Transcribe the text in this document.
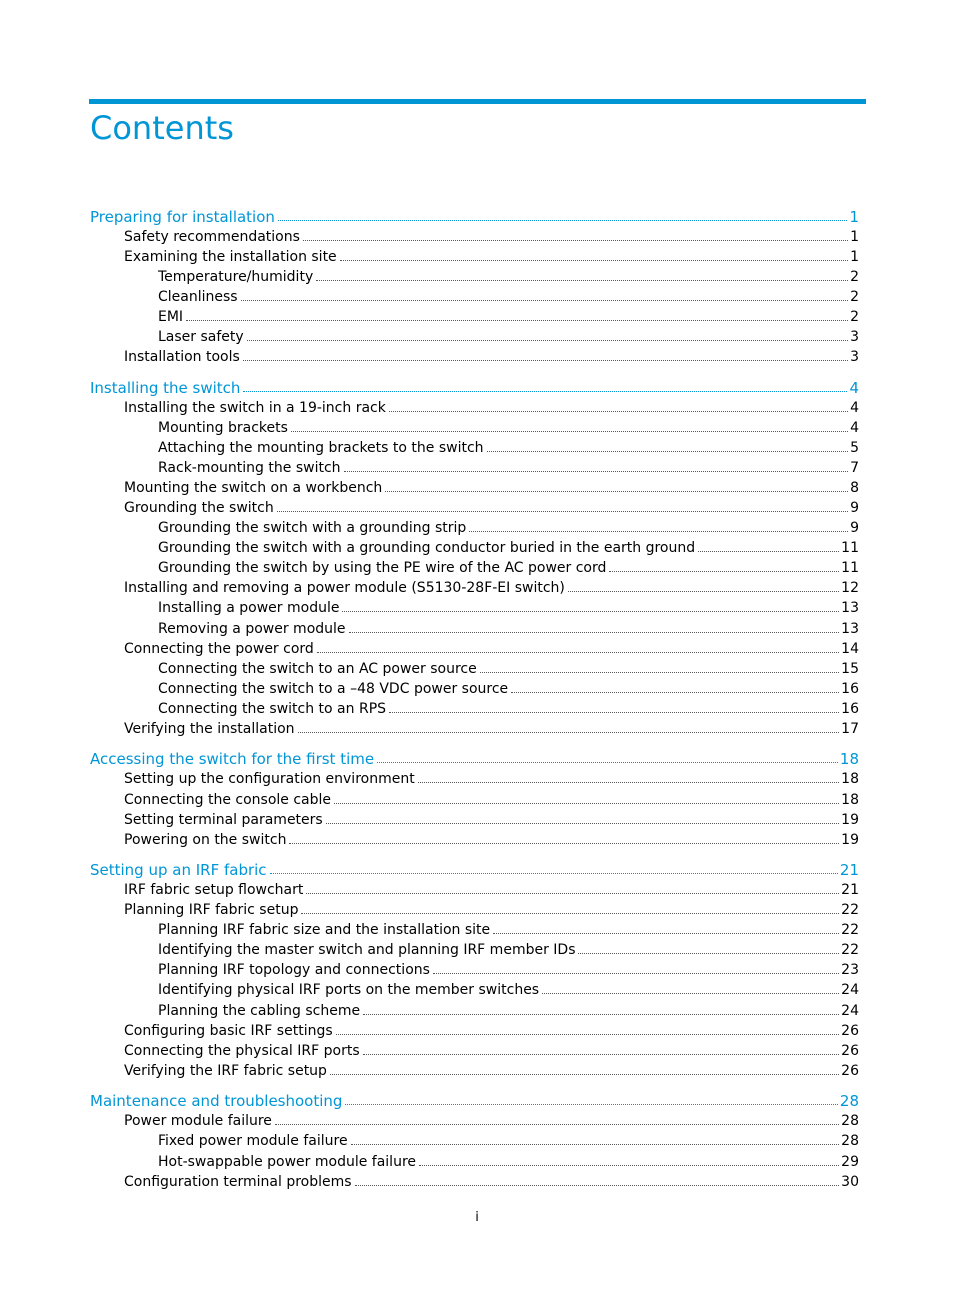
Contents
Preparing for installation	1
Safety recommendations	1
Examining the installation site	1
Temperature/humidity	2
Cleanliness	2
EMI	2
Laser safety	3
Installation tools	3
Installing the switch	4
Installing the switch in a 19-inch rack	4
Mounting brackets	4
Attaching the mounting brackets to the switch	5
Rack-mounting the switch	7
Mounting the switch on a workbench	8
Grounding the switch	9
Grounding the switch with a grounding strip	9
Grounding the switch with a grounding conductor buried in the earth ground	11
Grounding the switch by using the PE wire of the AC power cord	11
Installing and removing a power module (S5130-28F-EI switch)	12
Installing a power module	13
Removing a power module	13
Connecting the power cord	14
Connecting the switch to an AC power source	15
Connecting the switch to a –48 VDC power source	16
Connecting the switch to an RPS	16
Verifying the installation	17
Accessing the switch for the first time	18
Setting up the configuration environment	18
Connecting the console cable	18
Setting terminal parameters	19
Powering on the switch	19
Setting up an IRF fabric	21
IRF fabric setup flowchart	21
Planning IRF fabric setup	22
Planning IRF fabric size and the installation site	22
Identifying the master switch and planning IRF member IDs	22
Planning IRF topology and connections	23
Identifying physical IRF ports on the member switches	24
Planning the cabling scheme	24
Configuring basic IRF settings	26
Connecting the physical IRF ports	26
Verifying the IRF fabric setup	26
Maintenance and troubleshooting	28
Power module failure	28
Fixed power module failure	28
Hot-swappable power module failure	29
Configuration terminal problems	30
i
